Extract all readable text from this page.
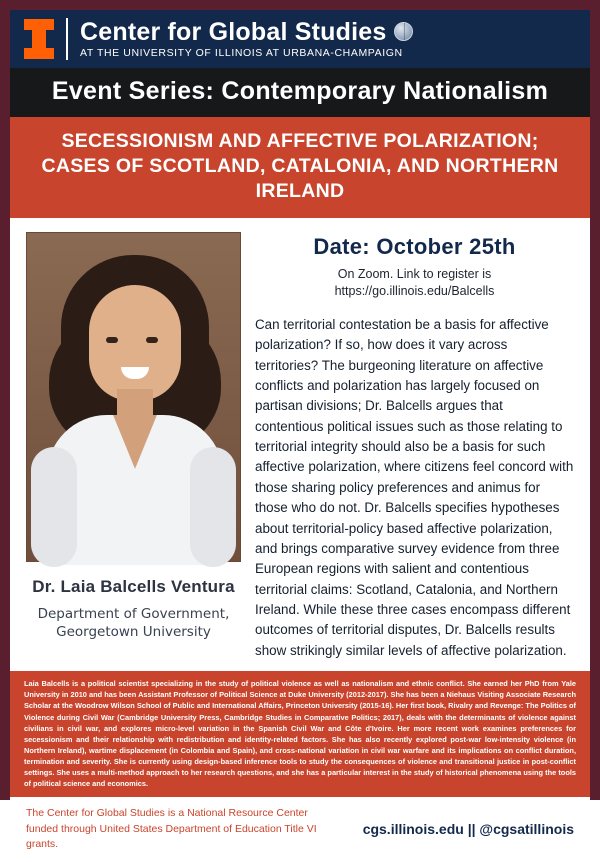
Center for Global Studies
AT THE UNIVERSITY OF ILLINOIS AT URBANA-CHAMPAIGN
Event Series: Contemporary Nationalism
SECESSIONISM AND AFFECTIVE POLARIZATION; CASES OF SCOTLAND, CATALONIA, AND NORTHERN IRELAND
Dr. Laia Balcells Ventura
Department of Government, Georgetown University
Date: October 25th
On Zoom. Link to register is
https://go.illinois.edu/Balcells
Can territorial contestation be a basis for affective polarization? If so, how does it vary across territories? The burgeoning literature on affective conflicts and polarization has largely focused on partisan divisions; Dr. Balcells argues that contentious political issues such as those relating to territorial integrity should also be a basis for such affective polarization, where citizens feel concord with those sharing policy preferences and animus for those who do not. Dr. Balcells specifies hypotheses about territorial-policy based affective polarization, and brings comparative survey evidence from three European regions with salient and contentious territorial claims: Scotland, Catalonia, and Northern Ireland. While these three cases encompass different outcomes of territorial disputes, Dr. Balcells results show strikingly similar levels of affective polarization.
Laia Balcells is a political scientist specializing in the study of political violence as well as nationalism and ethnic conflict. She earned her PhD from Yale University in 2010 and has been Assistant Professor of Political Science at Duke University (2012-2017). She has been a Niehaus Visiting Associate Research Scholar at the Woodrow Wilson School of Public and International Affairs, Princeton University (2015-16). Her first book, Rivalry and Revenge: The Politics of Violence during Civil War (Cambridge University Press, Cambridge Studies in Comparative Politics; 2017), deals with the determinants of violence against civilians in civil war, and explores micro-level variation in the Spanish Civil War and Côte d'Ivoire. Her more recent work examines preferences for secessionism and their relationship with redistribution and identity-related factors. She has also recently explored post-war low-intensity violence (in Northern Ireland), wartime displacement (in Colombia and Spain), and cross-national variation in civil war warfare and its implications on conflict duration, termination and severity. She is currently using design-based inference tools to study the consequences of violence and transitional justice in post-conflict settings. She uses a multi-method approach to her research questions, and she has a particular interest in the study of historical phenomena using the tools of political science and economics.
The Center for Global Studies is a National Resource Center funded through United States Department of Education Title VI grants.
cgs.illinois.edu || @cgsatillinois
